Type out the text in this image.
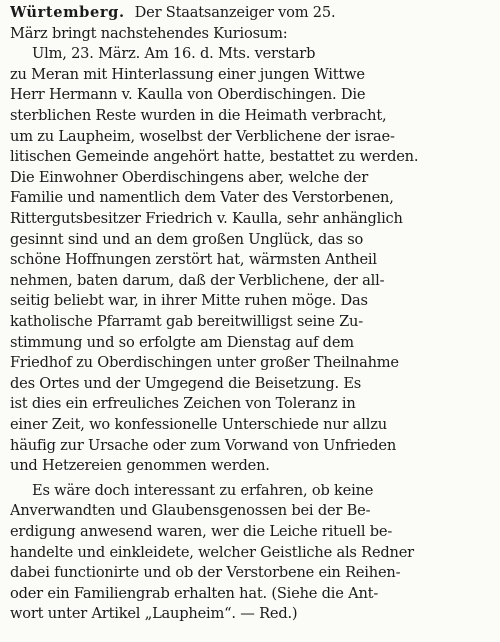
Würtemberg. Der Staatsanzeiger vom 25.
März bringt nachstehendes Kuriosum:
Ulm, 23. März. Am 16. d. Mts. verstarb
zu Meran mit Hinterlassung einer jungen Wittwe
Herr Hermann v. Kaulla von Oberdischingen. Die
sterblichen Reste wurden in die Heimath verbracht,
um zu Laupheim, woselbst der Verblichene der israe-
litischen Gemeinde angehört hatte, bestattet zu werden.
Die Einwohner Oberdischingens aber, welche der
Familie und namentlich dem Vater des Verstorbenen,
Rittergutsbesitzer Friedrich v. Kaulla, sehr anhänglich
gesinnt sind und an dem großen Unglück, das so
schöne Hoffnungen zerstört hat, wärmsten Antheil
nehmen, baten darum, daß der Verblichene, der all-
seitig beliebt war, in ihrer Mitte ruhen möge. Das
katholische Pfarramt gab bereitwilligst seine Zu-
stimmung und so erfolgte am Dienstag auf dem
Friedhof zu Oberdischingen unter großer Theilnahme
des Ortes und der Umgegend die Beisetzung. Es
ist dies ein erfreuliches Zeichen von Toleranz in
einer Zeit, wo konfessionelle Unterschiede nur allzu
häufig zur Ursache oder zum Vorwand von Unfrieden
und Hetzereien genommen werden.
Es wäre doch interessant zu erfahren, ob keine
Anverwandten und Glaubensgenossen bei der Be-
erdigung anwesend waren, wer die Leiche rituell be-
handelte und einkleidete, welcher Geistliche als Redner
dabei functionirte und ob der Verstorbene ein Reihen-
oder ein Familiengrab erhalten hat. (Siehe die Ant-
wort unter Artikel „Laupheim“. — Red.)
